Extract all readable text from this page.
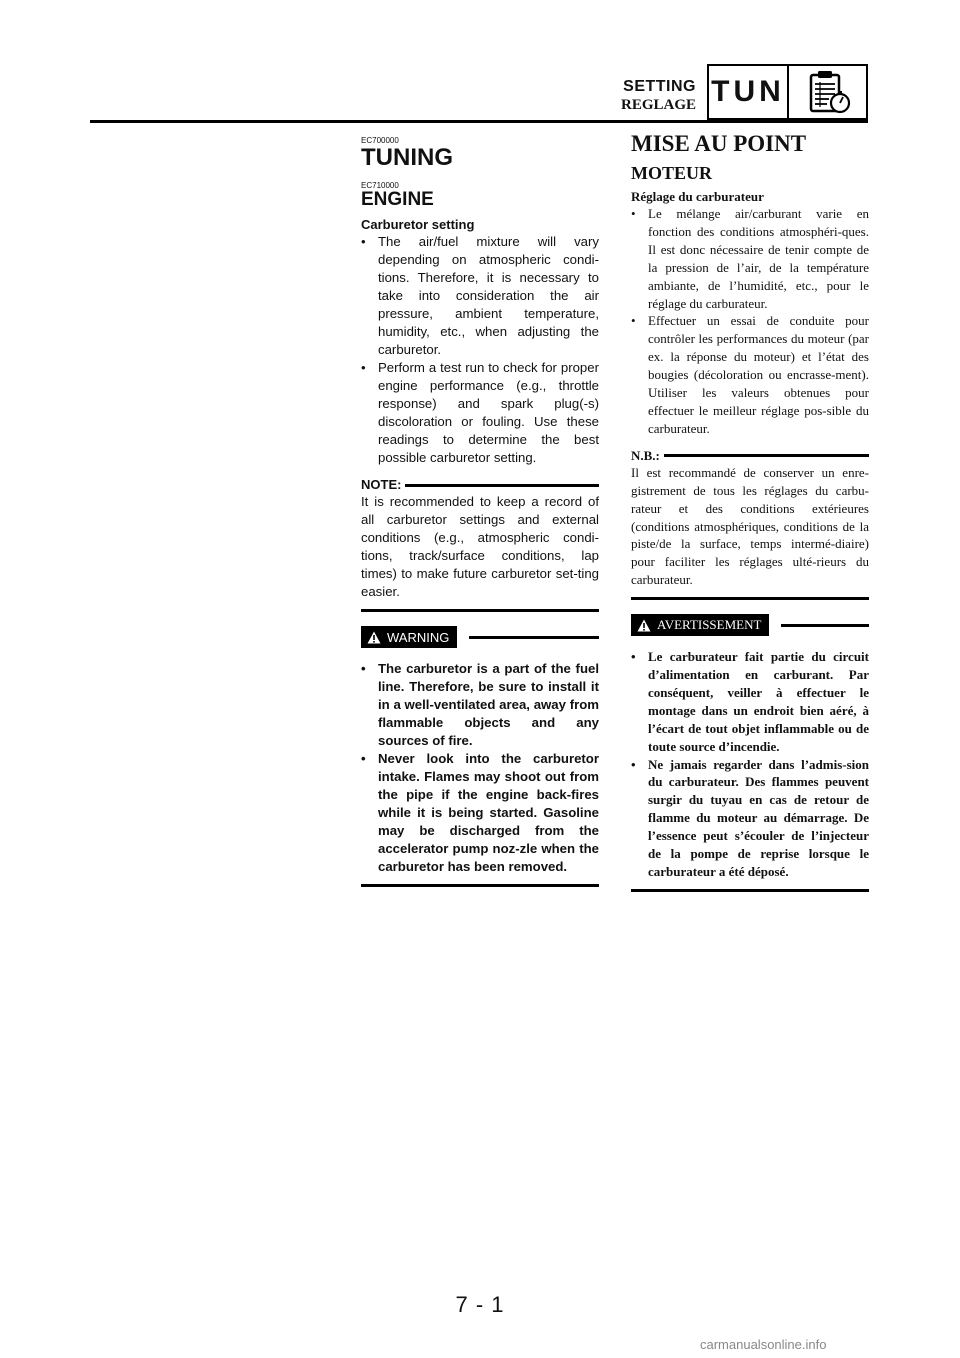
SETTING
REGLAGE TUN

EC700000

TUNING

EC710000

ENGINE
Carburetor setting
• The air/fuel mixture will vary depending on atmospheric condi-tions. Therefore, it is necessary to take into consideration the air pressure, ambient temperature, humidity, etc., when adjusting the carburetor.
• Perform a test run to check for proper engine performance (e.g., throttle response) and spark plug(-s) discoloration or fouling. Use these readings to determine the best possible carburetor setting.
NOTE:
It is recommended to keep a record of all carburetor settings and external conditions (e.g., atmospheric condi-tions, track/surface conditions, lap times) to make future carburetor set-ting easier.
WARNING
• The carburetor is a part of the fuel line. Therefore, be sure to install it in a well-ventilated area, away from flammable objects and any sources of fire.
• Never look into the carburetor intake. Flames may shoot out from the pipe if the engine back-fires while it is being started. Gasoline may be discharged from the accelerator pump noz-zle when the carburetor has been removed.
MISE AU POINT
MOTEUR
Réglage du carburateur
• Le mélange air/carburant varie en fonction des conditions atmosphéri-ques. Il est donc nécessaire de tenir compte de la pression de l’air, de la température ambiante, de l’humidité, etc., pour le réglage du carburateur.
• Effectuer un essai de conduite pour contrôler les performances du moteur (par ex. la réponse du moteur) et l’état des bougies (décoloration ou encrasse-ment). Utiliser les valeurs obtenues pour effectuer le meilleur réglage pos-sible du carburateur.
N.B.:
Il est recommandé de conserver un enre-gistrement de tous les réglages du carbu-rateur et des conditions extérieures (conditions atmosphériques, conditions de la piste/de la surface, temps intermé-diaire) pour faciliter les réglages ulté-rieurs du carburateur.
AVERTISSEMENT
• Le carburateur fait partie du circuit d’alimentation en carburant. Par conséquent, veiller à effectuer le montage dans un endroit bien aéré, à l’écart de tout objet inflammable ou de toute source d’incendie.
• Ne jamais regarder dans l’admis-sion du carburateur. Des flammes peuvent surgir du tuyau en cas de retour de flamme du moteur au démarrage. De l’essence peut s’écouler de l’injecteur de la pompe de reprise lorsque le carburateur a été déposé.
7 - 1
carmanualsonline.info
